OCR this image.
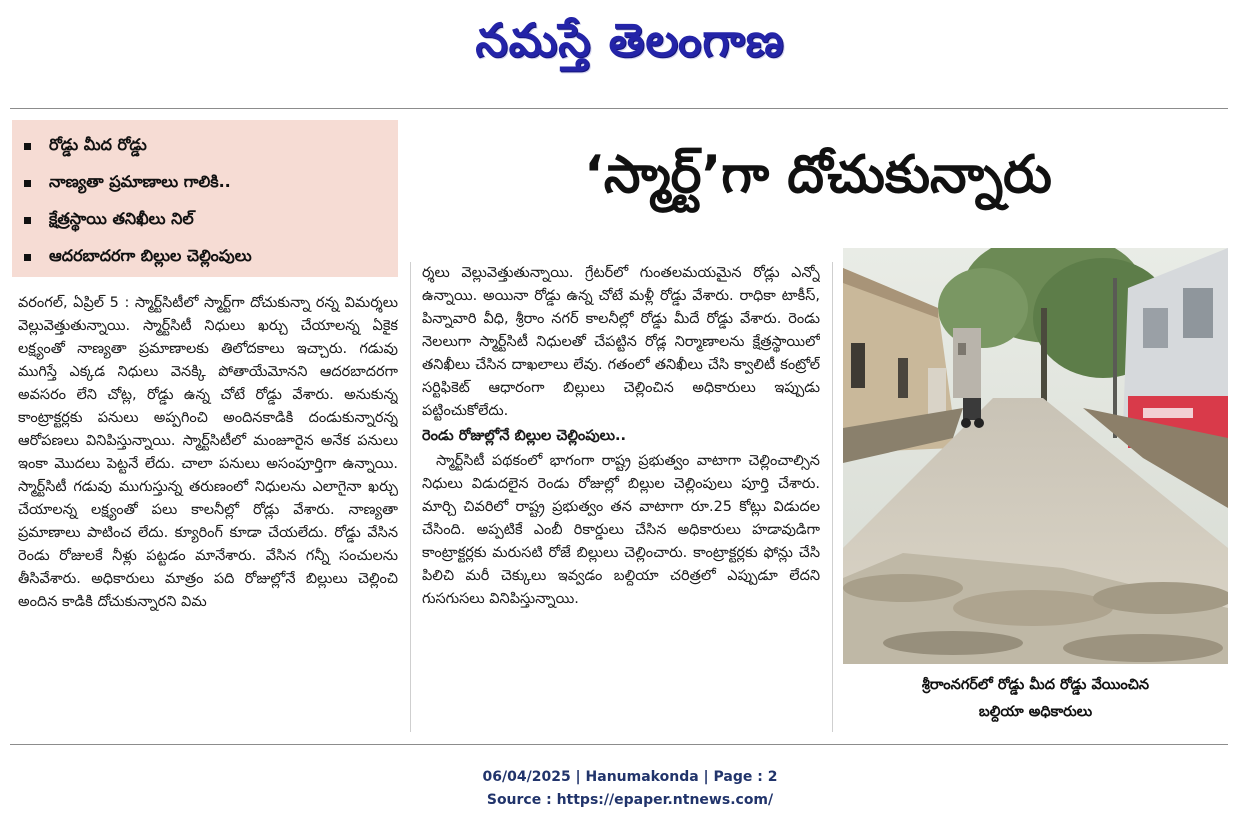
నమస్తే తెలంగాణ
రోడ్డు మీద రోడ్డు
నాణ్యతా ప్రమాణాలు గాలికి..
క్షేత్రస్థాయి తనిఖీలు నిల్
ఆదరబాదరగా బిల్లుల చెల్లింపులు
‘స్మార్ట్’గా దోచుకున్నారు

వరంగల్, ఏప్రిల్ 5 : స్మార్ట్‌సిటీలో స్మార్ట్‌గా దోచుకున్నా రన్న విమర్శలు వెల్లువెత్తుతున్నాయి. స్మార్ట్‌సిటీ నిధులు ఖర్చు చేయాలన్న ఏకైక లక్ష్యంతో నాణ్యతా ప్రమాణాలకు తిలోదకాలు ఇచ్చారు. గడువు ముగిస్తే ఎక్కడ నిధులు వెనక్కి పోతాయేమోనని ఆదరబాదరగా అవసరం లేని చోట్ల, రోడ్డు ఉన్న చోటే రోడ్డు వేశారు. అనుకున్న కాంట్రాక్టర్లకు పనులు అప్పగించి అందినకాడికి దండుకున్నారన్న ఆరోపణలు వినిపిస్తున్నాయి. స్మార్ట్‌సిటీలో మంజూరైన అనేక పనులు ఇంకా మొదలు పెట్టనే లేదు. చాలా పనులు అసంపూర్తిగా ఉన్నాయి. స్మార్ట్‌సిటీ గడువు ముగుస్తున్న తరుణంలో నిధులను ఎలాగైనా ఖర్చు చేయాలన్న లక్ష్యంతో పలు కాలనీల్లో రోడ్లు వేశారు. నాణ్యతా ప్రమాణాలు పాటించ లేదు. క్యూరింగ్ కూడా చేయలేదు. రోడ్డు వేసిన రెండు రోజులకే నీళ్లు పట్టడం మానేశారు. వేసిన గన్నీ సంచులను తీసివేశారు. అధికారులు మాత్రం పది రోజుల్లోనే బిల్లులు చెల్లించి అందిన కాడికి దోచుకున్నారని విమ

ర్శలు వెల్లువెత్తుతున్నాయి. గ్రేటర్‌లో గుంతలమయమైన రోడ్లు ఎన్నో ఉన్నాయి. అయినా రోడ్డు ఉన్న చోటే మళ్లీ రోడ్డు వేశారు. రాధికా టాకీస్, పిన్నావారి వీధి, శ్రీరాం నగర్ కాలనీల్లో రోడ్డు మీదే రోడ్డు వేశారు. రెండు నెలలుగా స్మార్ట్‌సిటీ నిధులతో చేపట్టిన రోడ్ల నిర్మాణాలను క్షేత్రస్థాయిలో తనిఖీలు చేసిన దాఖలాలు లేవు. గతంలో తనిఖీలు చేసి క్వాలిటీ కంట్రోల్ సర్టిఫికెట్ ఆధారంగా బిల్లులు చెల్లించిన అధికారులు ఇప్పుడు పట్టించుకోలేదు.

రెండు రోజుల్లోనే బిల్లుల చెల్లింపులు..

స్మార్ట్‌సిటీ పథకంలో భాగంగా రాష్ట్ర ప్రభుత్వం వాటాగా చెల్లించాల్సిన నిధులు విడుదలైన రెండు రోజుల్లో బిల్లుల చెల్లింపులు పూర్తి చేశారు. మార్చి చివరిలో రాష్ట్ర ప్రభుత్వం తన వాటాగా రూ.25 కోట్లు విడుదల చేసింది. అప్పటికే ఎంబీ రికార్డులు చేసిన అధికారులు హడావుడిగా కాంట్రాక్టర్లకు మరుసటి రోజే బిల్లులు చెల్లించారు. కాంట్రాక్టర్లకు ఫోన్లు చేసి పిలిచి మరీ చెక్కులు ఇవ్వడం బల్దియా చరిత్రలో ఎప్పుడూ లేదని గుసగుసలు వినిపిస్తున్నాయి.

శ్రీరాంనగర్‌లో రోడ్డు మీద రోడ్డు వేయించిన
బల్దియా అధికారులు
06/04/2025 | Hanumakonda | Page : 2
Source : https://epaper.ntnews.com/
